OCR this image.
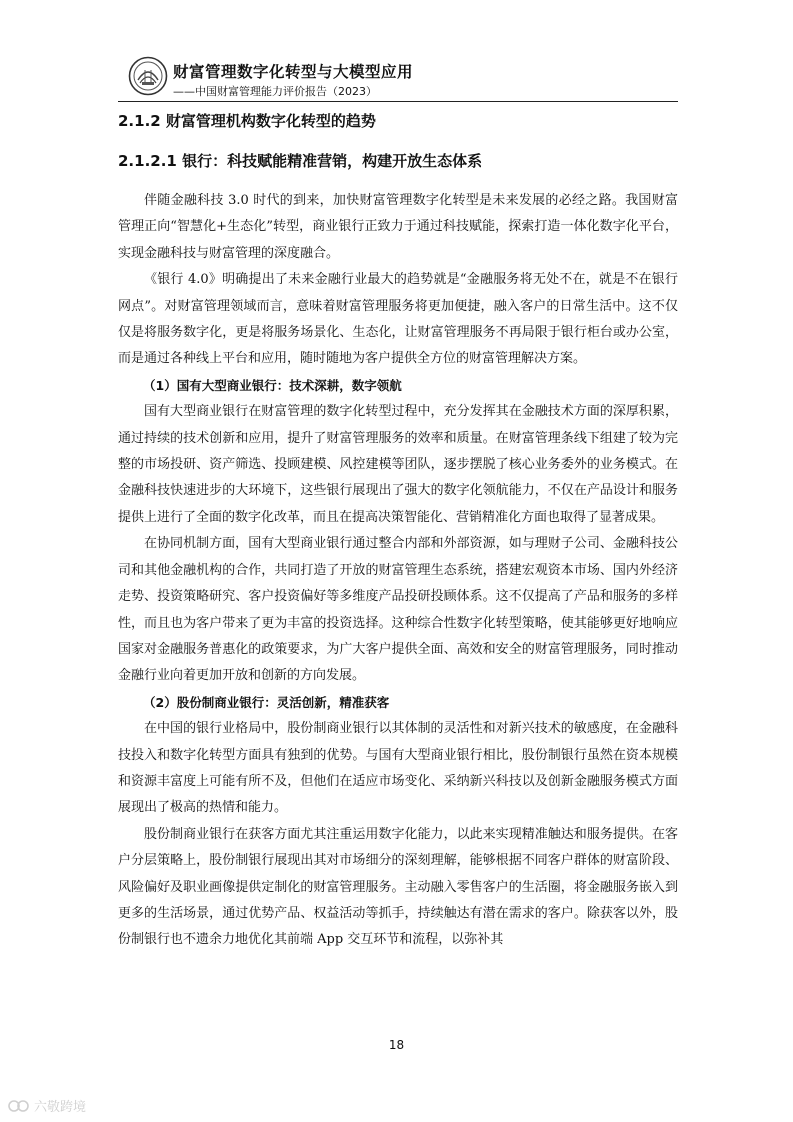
财富管理数字化转型与大模型应用
——中国财富管理能力评价报告（2023）
2.1.2 财富管理机构数字化转型的趋势
2.1.2.1 银行：科技赋能精准营销，构建开放生态体系

伴随金融科技 3.0 时代的到来，加快财富管理数字化转型是未来发展的必经之路。我国财富管理正向“智慧化+生态化”转型，商业银行正致力于通过科技赋能，探索打造一体化数字化平台，实现金融科技与财富管理的深度融合。

《银行 4.0》明确提出了未来金融行业最大的趋势就是“金融服务将无处不在，就是不在银行网点”。对财富管理领域而言，意味着财富管理服务将更加便捷，融入客户的日常生活中。这不仅仅是将服务数字化，更是将服务场景化、生态化，让财富管理服务不再局限于银行柜台或办公室，而是通过各种线上平台和应用，随时随地为客户提供全方位的财富管理解决方案。

（1）国有大型商业银行：技术深耕，数字领航

国有大型商业银行在财富管理的数字化转型过程中，充分发挥其在金融技术方面的深厚积累，通过持续的技术创新和应用，提升了财富管理服务的效率和质量。在财富管理条线下组建了较为完整的市场投研、资产筛选、投顾建模、风控建模等团队，逐步摆脱了核心业务委外的业务模式。在金融科技快速进步的大环境下，这些银行展现出了强大的数字化领航能力，不仅在产品设计和服务提供上进行了全面的数字化改革，而且在提高决策智能化、营销精准化方面也取得了显著成果。

在协同机制方面，国有大型商业银行通过整合内部和外部资源，如与理财子公司、金融科技公司和其他金融机构的合作，共同打造了开放的财富管理生态系统，搭建宏观资本市场、国内外经济走势、投资策略研究、客户投资偏好等多维度产品投研投顾体系。这不仅提高了产品和服务的多样性，而且也为客户带来了更为丰富的投资选择。这种综合性数字化转型策略，使其能够更好地响应国家对金融服务普惠化的政策要求，为广大客户提供全面、高效和安全的财富管理服务，同时推动金融行业向着更加开放和创新的方向发展。

（2）股份制商业银行：灵活创新，精准获客

在中国的银行业格局中，股份制商业银行以其体制的灵活性和对新兴技术的敏感度，在金融科技投入和数字化转型方面具有独到的优势。与国有大型商业银行相比，股份制银行虽然在资本规模和资源丰富度上可能有所不及，但他们在适应市场变化、采纳新兴科技以及创新金融服务模式方面展现出了极高的热情和能力。

股份制商业银行在获客方面尤其注重运用数字化能力，以此来实现精准触达和服务提供。在客户分层策略上，股份制银行展现出其对市场细分的深刻理解，能够根据不同客户群体的财富阶段、风险偏好及职业画像提供定制化的财富管理服务。主动融入零售客户的生活圈，将金融服务嵌入到更多的生活场景，通过优势产品、权益活动等抓手，持续触达有潜在需求的客户。除获客以外，股份制银行也不遗余力地优化其前端 App 交互环节和流程，以弥补其

18
六敬跨境
